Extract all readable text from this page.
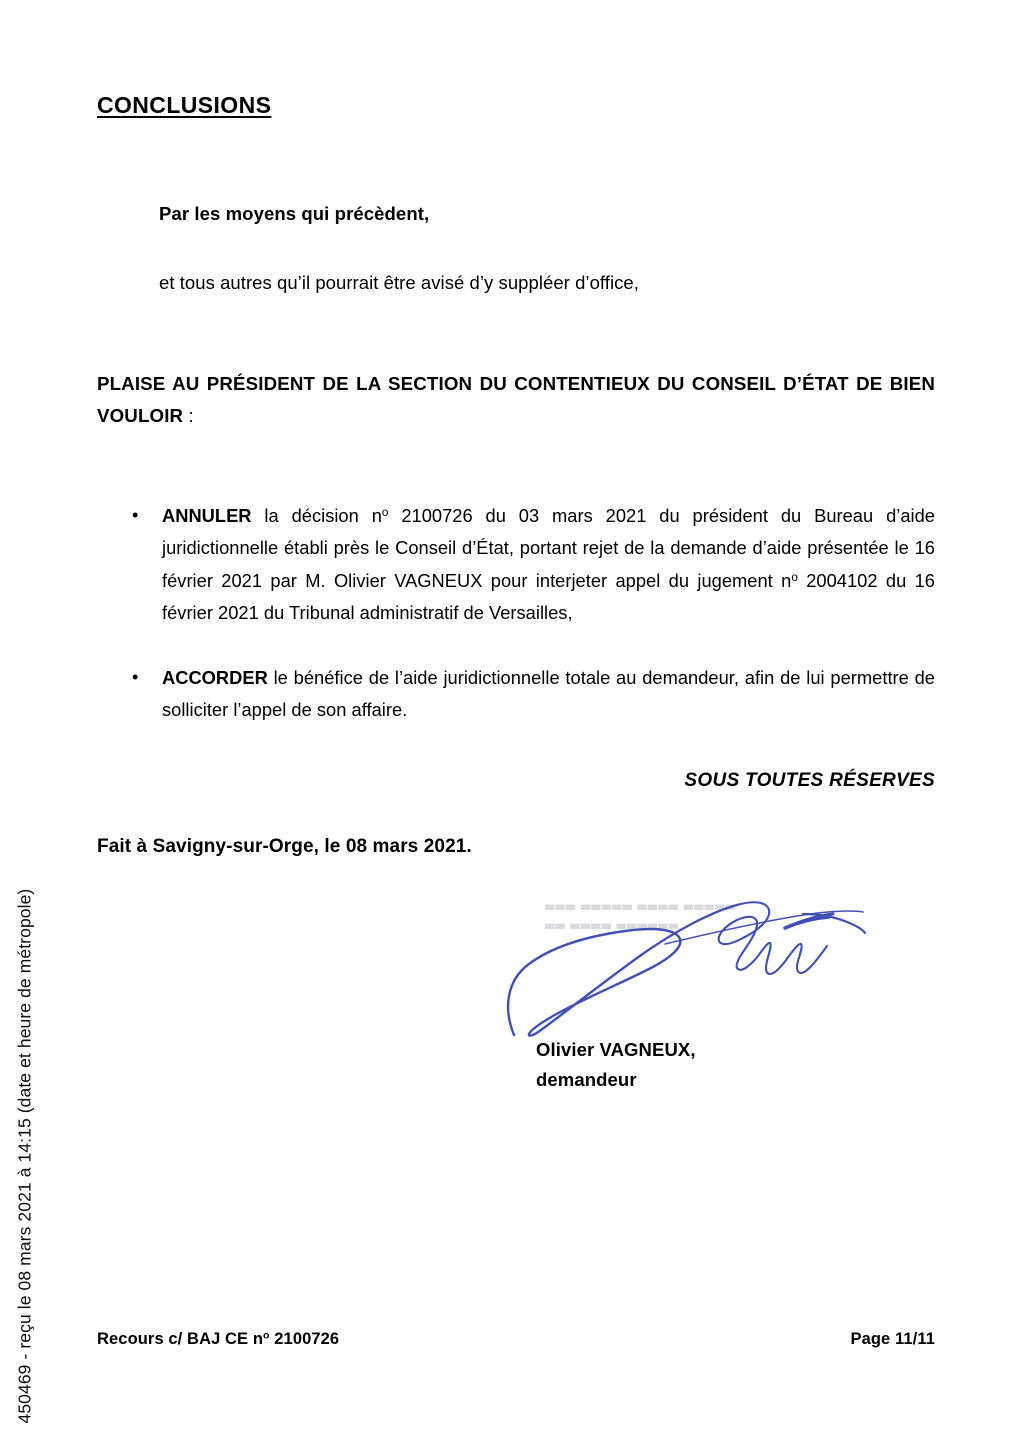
450469 - reçu le 08 mars 2021 à 14:15 (date et heure de métropole)
CONCLUSIONS
Par les moyens qui précèdent,
et tous autres qu’il pourrait être avisé d’y suppléer d’office,
PLAISE AU PRÉSIDENT DE LA SECTION DU CONTENTIEUX DU CONSEIL D’ÉTAT DE BIEN VOULOIR :
• ANNULER la décision $n^o$ 2100726 du 03 mars 2021 du président du Bureau d’aide juridictionnelle établi près le Conseil d’État, portant rejet de la demande d’aide présentée le 16 février 2021 par M. Olivier VAGNEUX pour interjeter appel du jugement $n^o$ 2004102 du 16 février 2021 du Tribunal administratif de Versailles,
• ACCORDER le bénéfice de l’aide juridictionnelle totale au demandeur, afin de lui permettre de solliciter l’appel de son affaire.
SOUS TOUTES RÉSERVES
Fait à Savigny-sur-Orge, le 08 mars 2021.
▃▃▃ ▃▃▃▃▃ ▃▃▃▃ ▃▃▃▃▃
▃▃ ▃▃▃▃ ▃▃▃▃▃▃
Olivier VAGNEUX,
demandeur
Recours c/ BAJ CE $n^o$ 2100726	Page 11/11
